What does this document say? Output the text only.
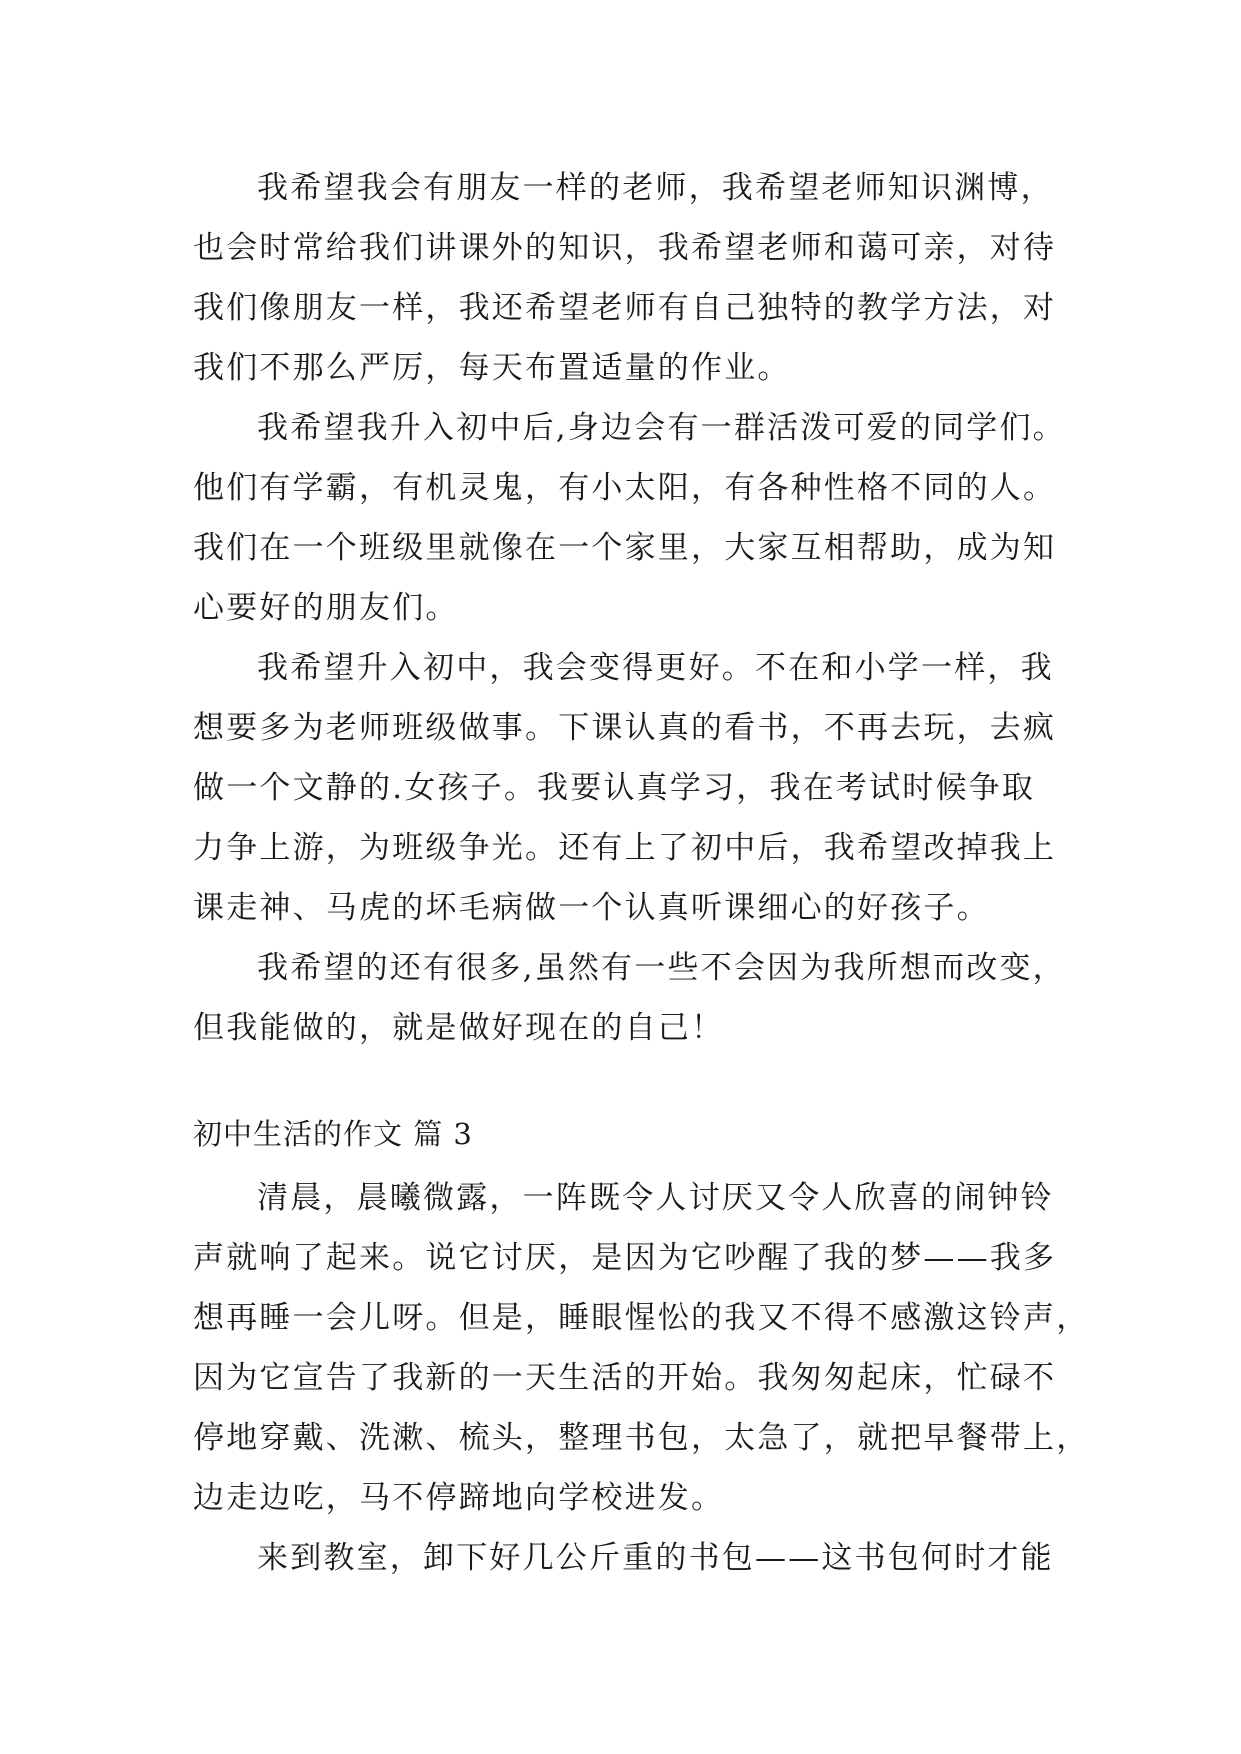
我希望我会有朋友一样的老师，我希望老师知识渊博，
也会时常给我们讲课外的知识，我希望老师和蔼可亲，对待
我们像朋友一样，我还希望老师有自己独特的教学方法，对
我们不那么严厉，每天布置适量的作业。
我希望我升入初中后,身边会有一群活泼可爱的同学们。
他们有学霸，有机灵鬼，有小太阳，有各种性格不同的人。
我们在一个班级里就像在一个家里，大家互相帮助，成为知
心要好的朋友们。
我希望升入初中，我会变得更好。不在和小学一样，我
想要多为老师班级做事。下课认真的看书，不再去玩，去疯
做一个文静的.女孩子。我要认真学习，我在考试时候争取
力争上游，为班级争光。还有上了初中后，我希望改掉我上
课走神、马虎的坏毛病做一个认真听课细心的好孩子。
我希望的还有很多,虽然有一些不会因为我所想而改变，
但我能做的，就是做好现在的自己！
初中生活的作文 篇 3
清晨，晨曦微露，一阵既令人讨厌又令人欣喜的闹钟铃
声就响了起来。说它讨厌，是因为它吵醒了我的梦——我多
想再睡一会儿呀。但是，睡眼惺忪的我又不得不感激这铃声，
因为它宣告了我新的一天生活的开始。我匆匆起床，忙碌不
停地穿戴、洗漱、梳头，整理书包，太急了，就把早餐带上，
边走边吃，马不停蹄地向学校进发。
来到教室，卸下好几公斤重的书包——这书包何时才能
